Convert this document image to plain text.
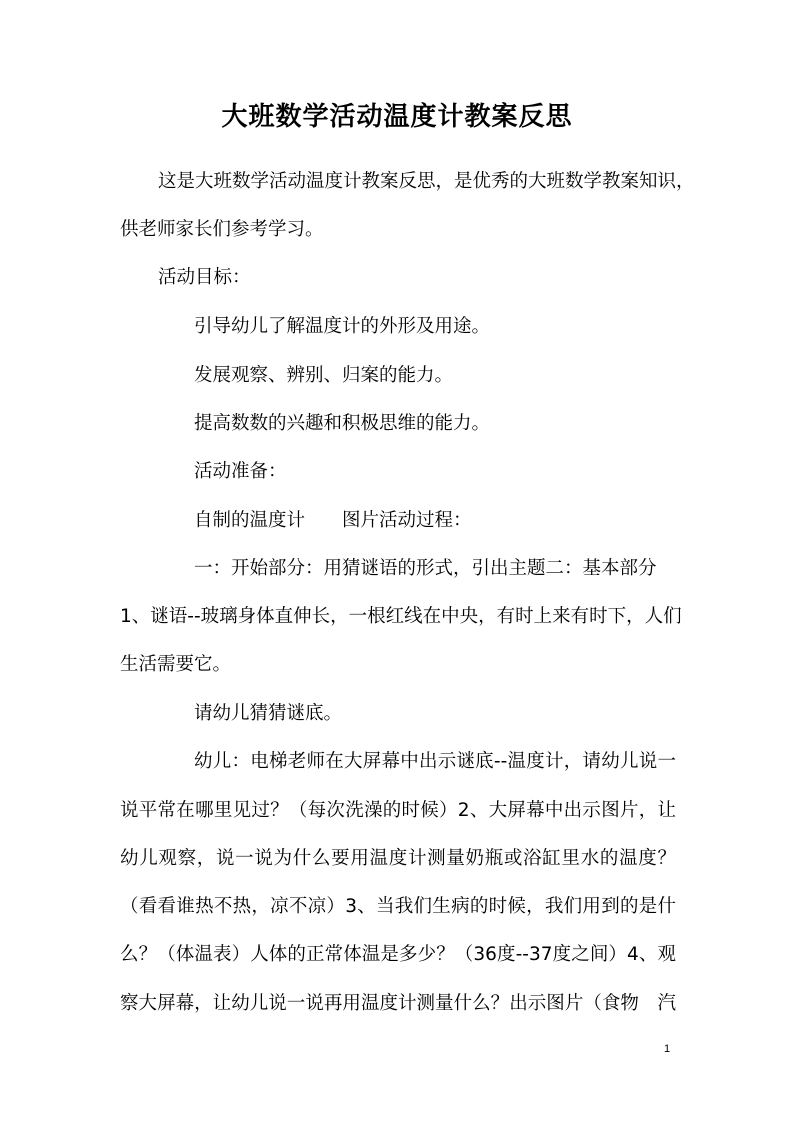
大班数学活动温度计教案反思
这是大班数学活动温度计教案反思，是优秀的大班数学教案知识，
供老师家长们参考学习。
活动目标：
引导幼儿了解温度计的外形及用途。
发展观察、辨别、归案的能力。
提高数数的兴趣和积极思维的能力。
活动准备：
自制的温度计　　图片活动过程：
一：开始部分：用猜谜语的形式，引出主题二：基本部分
1、谜语--玻璃身体直伸长，一根红线在中央，有时上来有时下，人们
生活需要它。
请幼儿猜猜谜底。
幼儿：电梯老师在大屏幕中出示谜底--温度计，请幼儿说一
说平常在哪里见过？（每次洗澡的时候）2、大屏幕中出示图片，让
幼儿观察，说一说为什么要用温度计测量奶瓶或浴缸里水的温度？
（看看谁热不热，凉不凉）3、当我们生病的时候，我们用到的是什
么？（体温表）人体的正常体温是多少？（36度--37度之间）4、观
察大屏幕，让幼儿说一说再用温度计测量什么？出示图片（食物　汽
1
